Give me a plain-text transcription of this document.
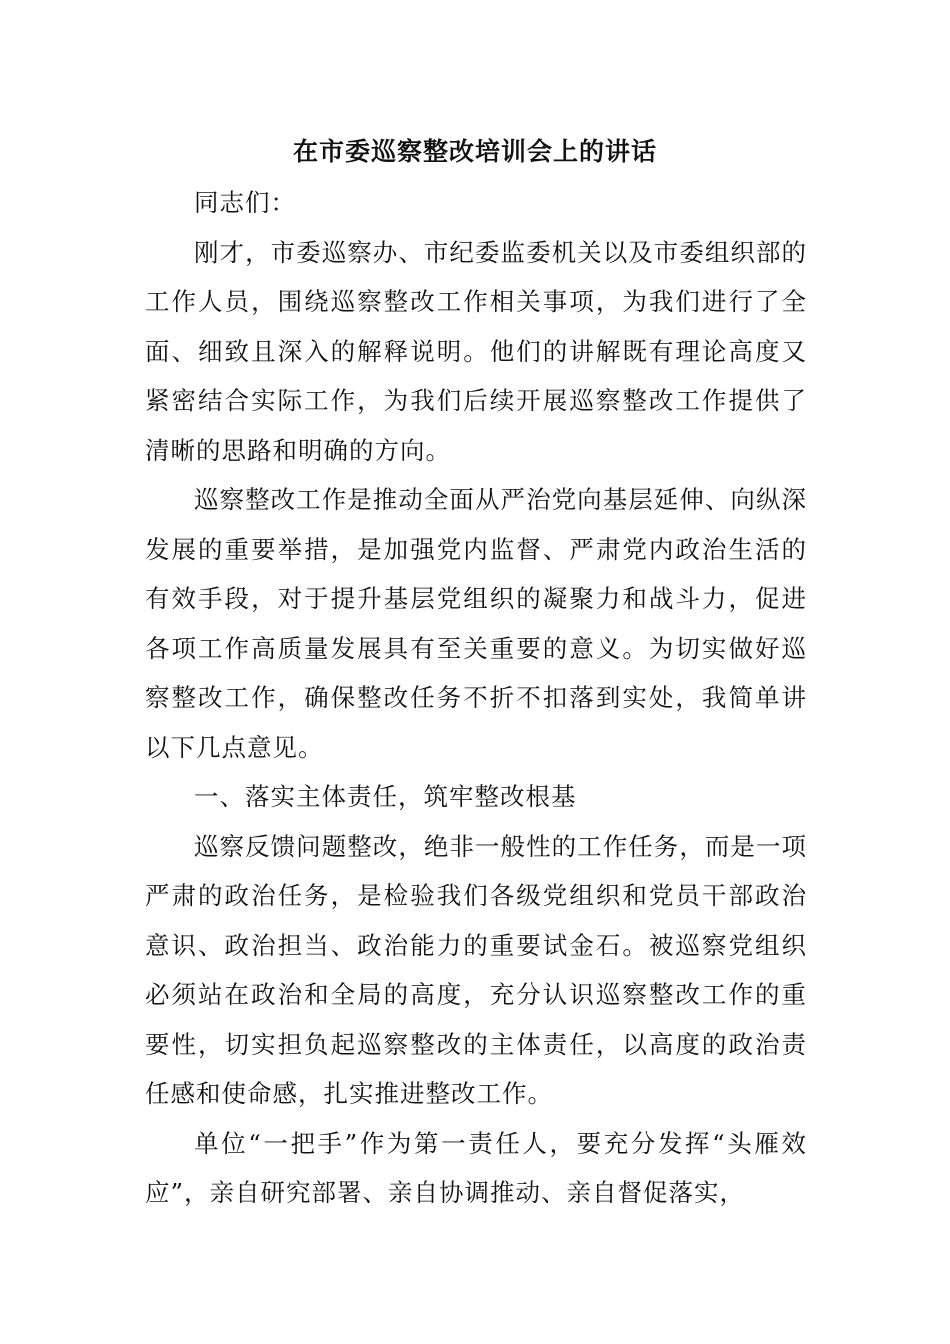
在市委巡察整改培训会上的讲话

同志们：

刚才，市委巡察办、市纪委监委机关以及市委组织部的工作人员，围绕巡察整改工作相关事项，为我们进行了全面、细致且深入的解释说明。他们的讲解既有理论高度又紧密结合实际工作，为我们后续开展巡察整改工作提供了清晰的思路和明确的方向。

巡察整改工作是推动全面从严治党向基层延伸、向纵深发展的重要举措，是加强党内监督、严肃党内政治生活的有效手段，对于提升基层党组织的凝聚力和战斗力，促进各项工作高质量发展具有至关重要的意义。为切实做好巡察整改工作，确保整改任务不折不扣落到实处，我简单讲以下几点意见。

一、落实主体责任，筑牢整改根基

巡察反馈问题整改，绝非一般性的工作任务，而是一项严肃的政治任务，是检验我们各级党组织和党员干部政治意识、政治担当、政治能力的重要试金石。被巡察党组织必须站在政治和全局的高度，充分认识巡察整改工作的重要性，切实担负起巡察整改的主体责任，以高度的政治责任感和使命感，扎实推进整改工作。

单位“一把手”作为第一责任人，要充分发挥“头雁效应”，亲自研究部署、亲自协调推动、亲自督促落实，
